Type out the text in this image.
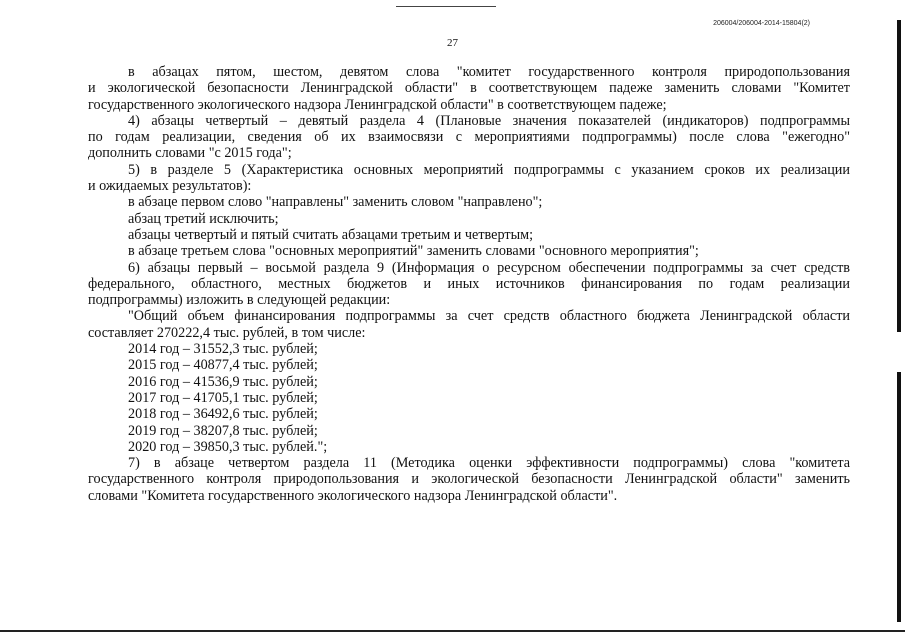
206004/206004-2014-15804(2)
27

в абзацах пятом, шестом, девятом слова "комитет государственного контроля природопользования

и экологической безопасности Ленинградской области" в соответствующем падеже заменить словами "Комитет

государственного экологического надзора Ленинградской области" в соответствующем падеже;

4) абзацы четвертый – девятый раздела 4 (Плановые значения показателей (индикаторов) подпрограммы

по годам реализации, сведения об их взаимосвязи с мероприятиями подпрограммы) после слова "ежегодно"

дополнить словами "с 2015 года";

5) в разделе 5 (Характеристика основных мероприятий подпрограммы с указанием сроков их реализации

и ожидаемых результатов):

в абзаце первом слово "направлены" заменить словом "направлено";

абзац третий исключить;

абзацы четвертый и пятый считать абзацами третьим и четвертым;

в абзаце третьем слова "основных мероприятий" заменить словами "основного мероприятия";

6) абзацы первый – восьмой раздела 9 (Информация о ресурсном обеспечении подпрограммы за счет средств

федерального, областного, местных бюджетов и иных источников финансирования по годам реализации

подпрограммы) изложить в следующей редакции:

"Общий объем финансирования подпрограммы за счет средств областного бюджета Ленинградской области

составляет 270222,4 тыс. рублей, в том числе:

2014 год – 31552,3 тыс. рублей;

2015 год – 40877,4 тыс. рублей;

2016 год – 41536,9 тыс. рублей;

2017 год – 41705,1 тыс. рублей;

2018 год – 36492,6 тыс. рублей;

2019 год – 38207,8 тыс. рублей;

2020 год – 39850,3 тыс. рублей.";

7) в абзаце четвертом раздела 11 (Методика оценки эффективности подпрограммы) слова "комитета

государственного контроля природопользования и экологической безопасности Ленинградской области" заменить

словами "Комитета государственного экологического надзора Ленинградской области".
